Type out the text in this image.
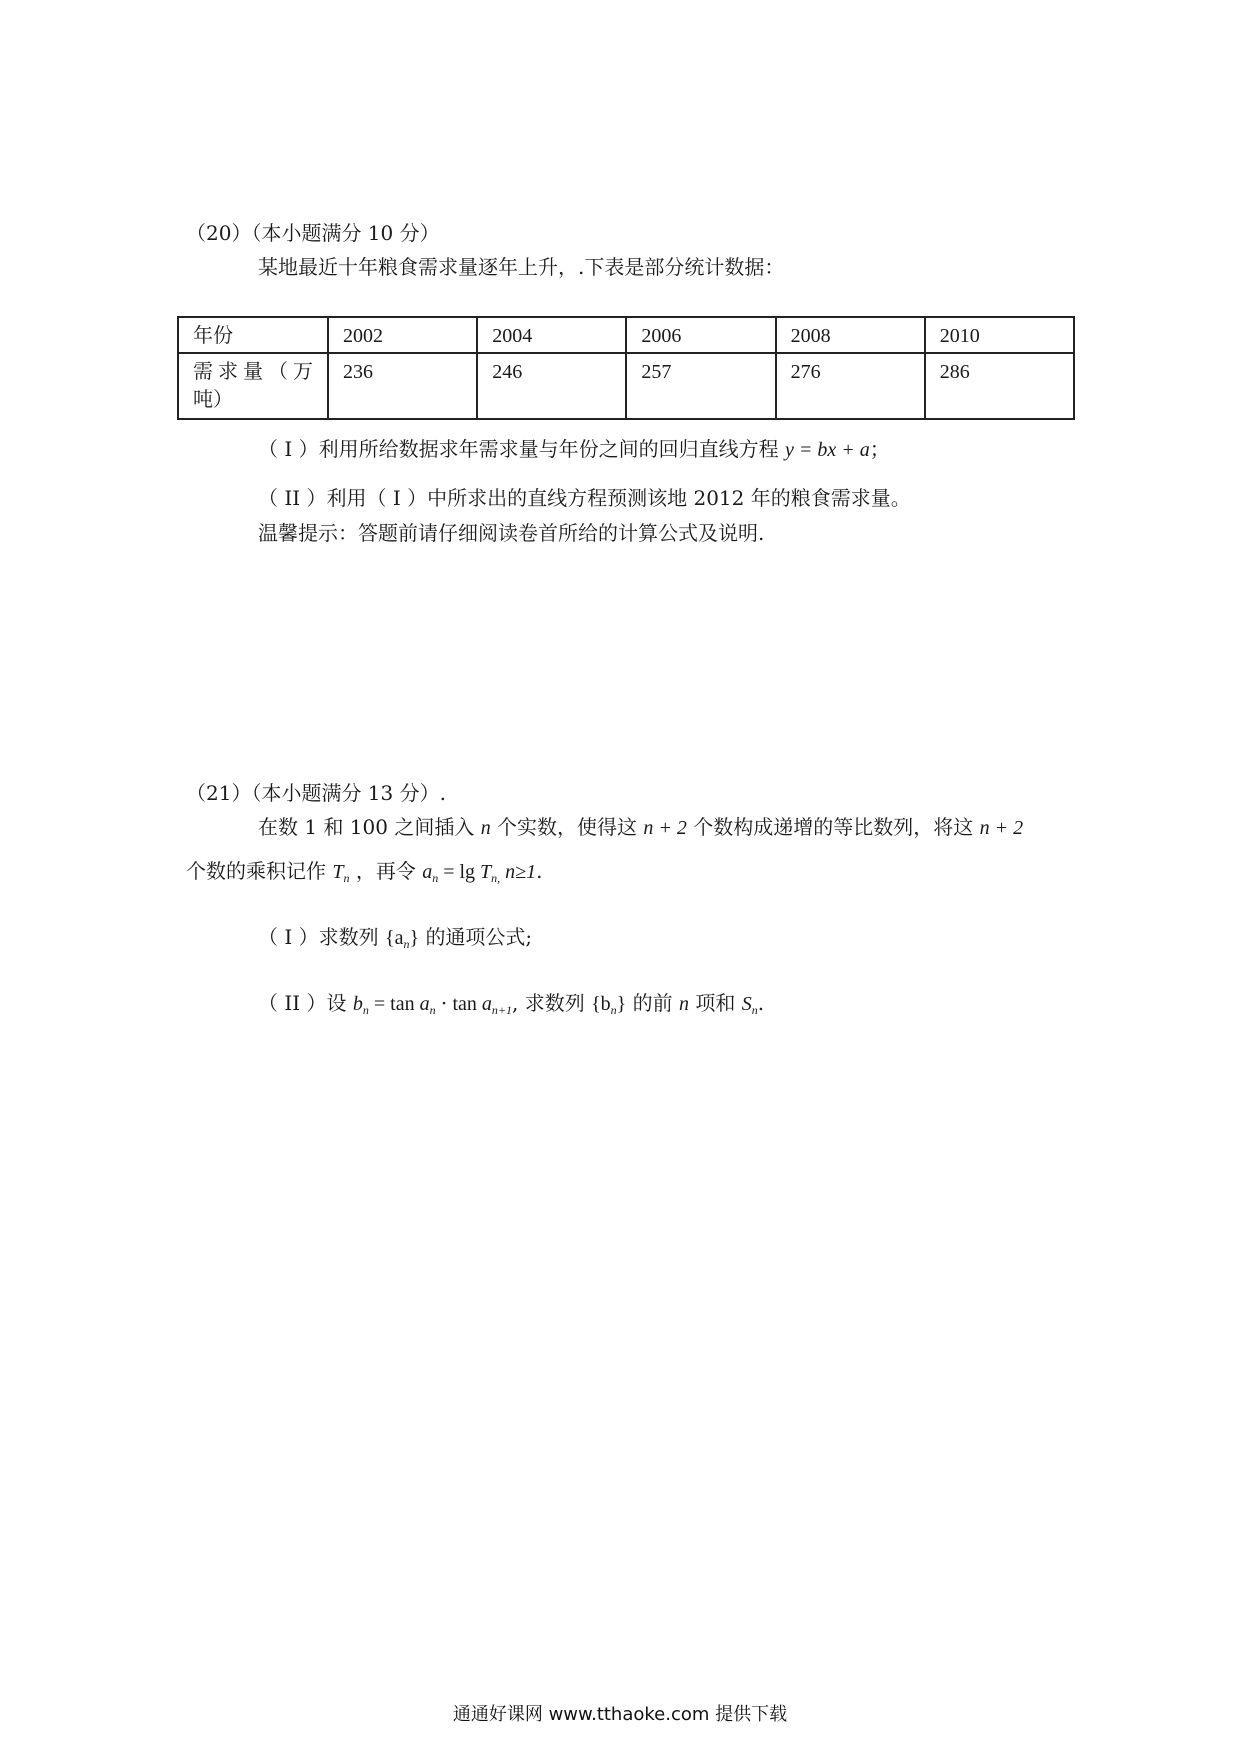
（20）（本小题满分 10 分）
某地最近十年粮食需求量逐年上升，.下表是部分统计数据：
年份	2002	2004	2006	2008	2010

需 求 量 （ 万
吨）	236	246	257	276	286
（ I ）利用所给数据求年需求量与年份之间的回归直线方程 y = bx + a；
（ II ）利用（ I ）中所求出的直线方程预测该地 2012 年的粮食需求量。
温馨提示：答题前请仔细阅读卷首所给的计算公式及说明.
（21）（本小题满分 13 分）.
在数 1 和 100 之间插入 n 个实数，使得这 n + 2 个数构成递增的等比数列，将这 n + 2
个数的乘积记作 $T_n$ ，再令 $a_n = \lg T_{n,}$ n≥1.
（ I ）求数列 $\{a_n\}$ 的通项公式;
（ II ）设 $b_n = \tan a_n \cdot \tan a_{n+1}$, 求数列 $\{b_n\}$ 的前 n 项和 $S_n$.
通通好课网 www.tthaoke.com 提供下载
